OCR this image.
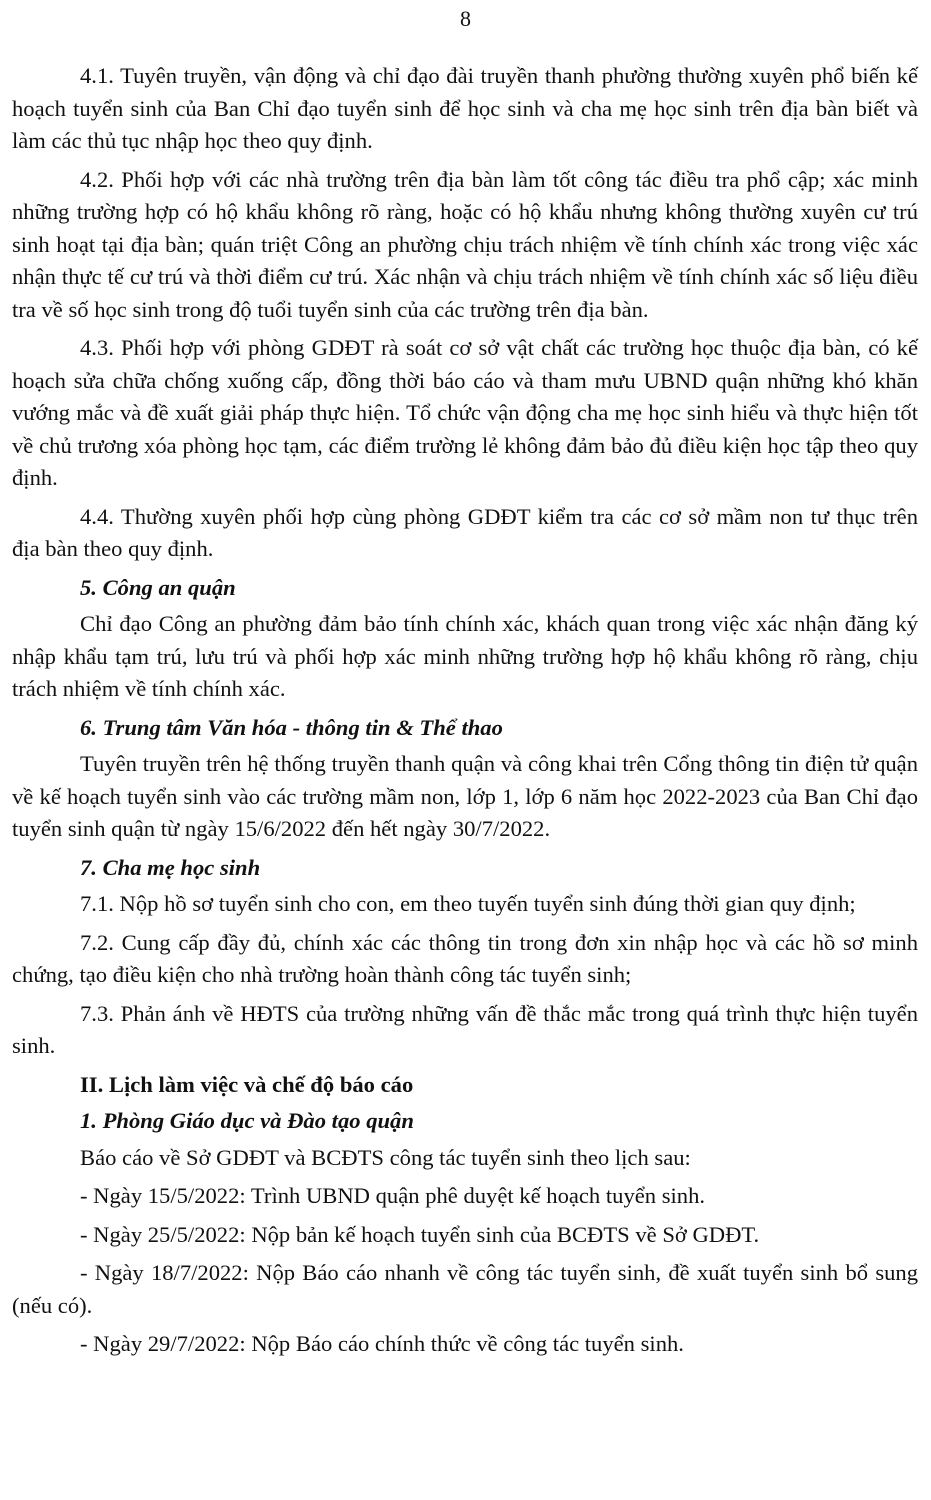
8

4.1. Tuyên truyền, vận động và chỉ đạo đài truyền thanh phường thường xuyên phổ biến kế hoạch tuyển sinh của Ban Chỉ đạo tuyển sinh để học sinh và cha mẹ học sinh trên địa bàn biết và làm các thủ tục nhập học theo quy định.

4.2. Phối hợp với các nhà trường trên địa bàn làm tốt công tác điều tra phổ cập; xác minh những trường hợp có hộ khẩu không rõ ràng, hoặc có hộ khẩu nhưng không thường xuyên cư trú sinh hoạt tại địa bàn; quán triệt Công an phường chịu trách nhiệm về tính chính xác trong việc xác nhận thực tế cư trú và thời điểm cư trú. Xác nhận và chịu trách nhiệm về tính chính xác số liệu điều tra về số học sinh trong độ tuổi tuyển sinh của các trường trên địa bàn.

4.3. Phối hợp với phòng GDĐT rà soát cơ sở vật chất các trường học thuộc địa bàn, có kế hoạch sửa chữa chống xuống cấp, đồng thời báo cáo và tham mưu UBND quận những khó khăn vướng mắc và đề xuất giải pháp thực hiện. Tổ chức vận động cha mẹ học sinh hiểu và thực hiện tốt về chủ trương xóa phòng học tạm, các điểm trường lẻ không đảm bảo đủ điều kiện học tập theo quy định.

4.4. Thường xuyên phối hợp cùng phòng GDĐT kiểm tra các cơ sở mầm non tư thục trên địa bàn theo quy định.

5. Công an quận

Chỉ đạo Công an phường đảm bảo tính chính xác, khách quan trong việc xác nhận đăng ký nhập khẩu tạm trú, lưu trú và phối hợp xác minh những trường hợp hộ khẩu không rõ ràng, chịu trách nhiệm về tính chính xác.

6. Trung tâm Văn hóa - thông tin & Thể thao

Tuyên truyền trên hệ thống truyền thanh quận và công khai trên Cổng thông tin điện tử quận về kế hoạch tuyển sinh vào các trường mầm non, lớp 1, lớp 6 năm học 2022-2023 của Ban Chỉ đạo tuyển sinh quận từ ngày 15/6/2022 đến hết ngày 30/7/2022.

7. Cha mẹ học sinh

7.1. Nộp hồ sơ tuyển sinh cho con, em theo tuyến tuyển sinh đúng thời gian quy định;

7.2. Cung cấp đầy đủ, chính xác các thông tin trong đơn xin nhập học và các hồ sơ minh chứng, tạo điều kiện cho nhà trường hoàn thành công tác tuyển sinh;

7.3. Phản ánh về HĐTS của trường những vấn đề thắc mắc trong quá trình thực hiện tuyển sinh.

II. Lịch làm việc và chế độ báo cáo

1. Phòng Giáo dục và Đào tạo quận

Báo cáo về Sở GDĐT và BCĐTS công tác tuyển sinh theo lịch sau:

- Ngày 15/5/2022: Trình UBND quận phê duyệt kế hoạch tuyển sinh.

- Ngày 25/5/2022: Nộp bản kế hoạch tuyển sinh của BCĐTS về Sở GDĐT.

- Ngày 18/7/2022: Nộp Báo cáo nhanh về công tác tuyển sinh, đề xuất tuyển sinh bổ sung (nếu có).

- Ngày 29/7/2022: Nộp Báo cáo chính thức về công tác tuyển sinh.
